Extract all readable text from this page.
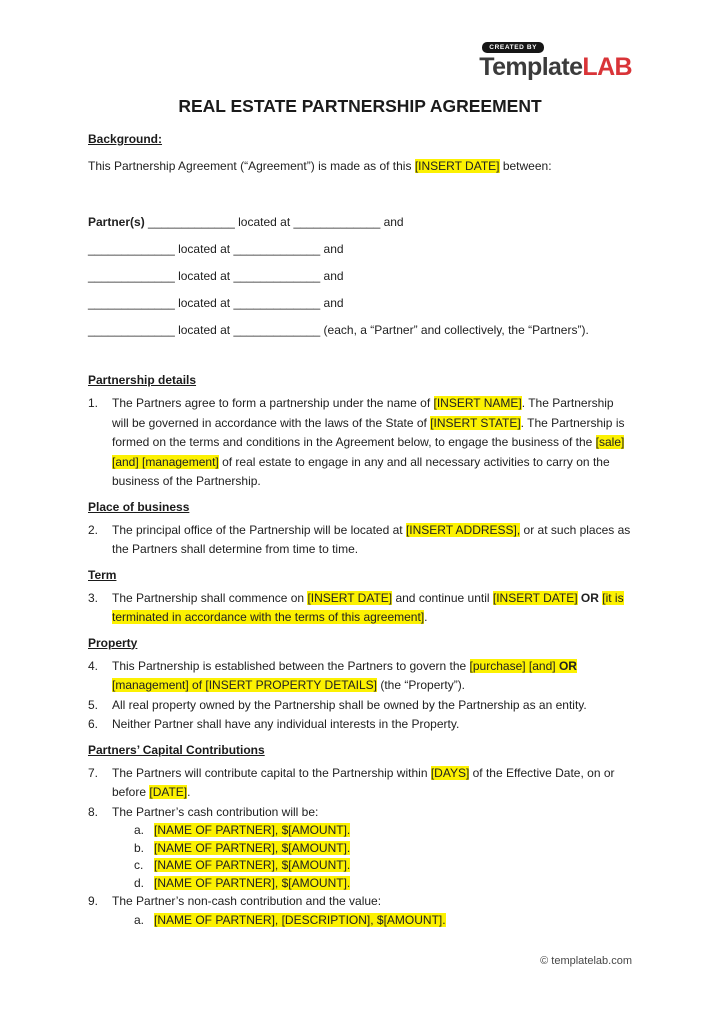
CREATED BY
TemplateLAB
REAL ESTATE PARTNERSHIP AGREEMENT
Background:

This Partnership Agreement (“Agreement”) is made as of this [INSERT DATE] between:

Partner(s) _____________ located at _____________ and

_____________ located at _____________ and

_____________ located at _____________ and

_____________ located at _____________ and

_____________ located at _____________ (each, a “Partner” and collectively, the “Partners”).

Partnership details
1.	The Partners agree to form a partnership under the name of [INSERT NAME]. The Partnership will be governed in accordance with the laws of the State of [INSERT STATE]. The Partnership is formed on the terms and conditions in the Agreement below, to engage the business of the [sale] [and] [management] of real estate to engage in any and all necessary activities to carry on the business of the Partnership.

Place of business
2.	The principal office of the Partnership will be located at [INSERT ADDRESS], or at such places as the Partners shall determine from time to time.

Term
3.	The Partnership shall commence on [INSERT DATE] and continue until [INSERT DATE] OR [it is terminated in accordance with the terms of this agreement].

Property
4.	This Partnership is established between the Partners to govern the [purchase] [and] OR [management] of [INSERT PROPERTY DETAILS] (the “Property”).

5.	All real property owned by the Partnership shall be owned by the Partnership as an entity.

6.	Neither Partner shall have any individual interests in the Property.

Partners’ Capital Contributions
7.	The Partners will contribute capital to the Partnership within [DAYS] of the Effective Date, on or before [DATE].

8.	The Partner’s cash contribution will be:

a. [NAME OF PARTNER], $[AMOUNT].

b. [NAME OF PARTNER], $[AMOUNT].

c. [NAME OF PARTNER], $[AMOUNT].

d. [NAME OF PARTNER], $[AMOUNT].

9.	The Partner’s non-cash contribution and the value:

a. [NAME OF PARTNER], [DESCRIPTION], $[AMOUNT].

© templatelab.com
